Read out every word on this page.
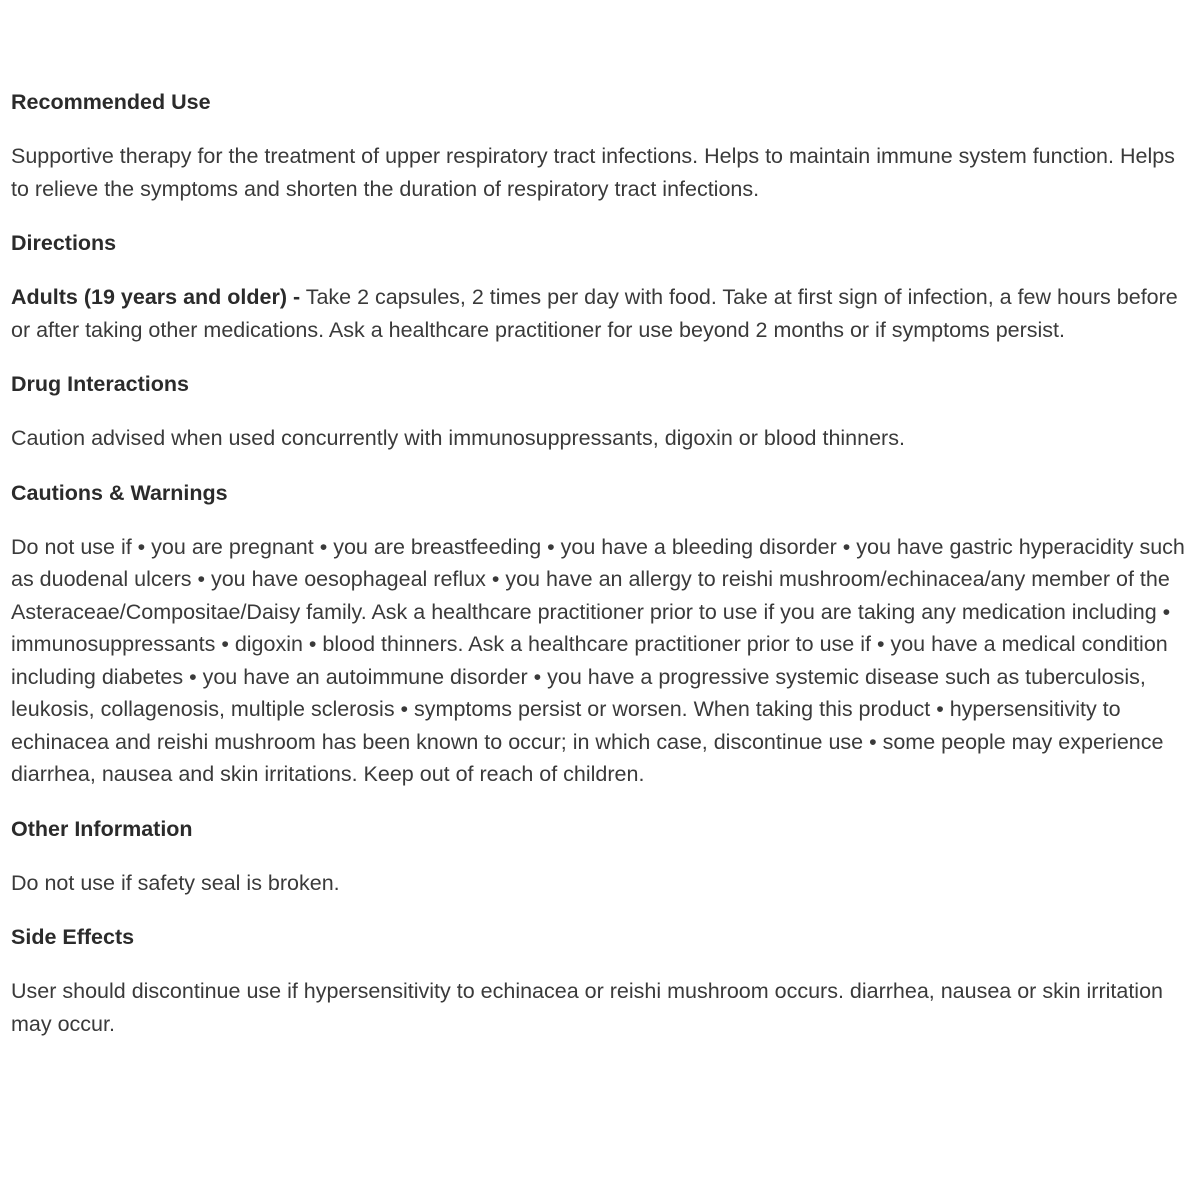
Recommended Use
Supportive therapy for the treatment of upper respiratory tract infections. Helps to maintain immune system function. Helps to relieve the symptoms and shorten the duration of respiratory tract infections.
Directions
Adults (19 years and older) - Take 2 capsules, 2 times per day with food. Take at first sign of infection, a few hours before or after taking other medications. Ask a healthcare practitioner for use beyond 2 months or if symptoms persist.
Drug Interactions
Caution advised when used concurrently with immunosuppressants, digoxin or blood thinners.
Cautions & Warnings
Do not use if • you are pregnant • you are breastfeeding • you have a bleeding disorder • you have gastric hyperacidity such as duodenal ulcers • you have oesophageal reflux • you have an allergy to reishi mushroom/echinacea/any member of the Asteraceae/Compositae/Daisy family. Ask a healthcare practitioner prior to use if you are taking any medication including • immunosuppressants • digoxin • blood thinners. Ask a healthcare practitioner prior to use if • you have a medical condition including diabetes • you have an autoimmune disorder • you have a progressive systemic disease such as tuberculosis, leukosis, collagenosis, multiple sclerosis • symptoms persist or worsen. When taking this product • hypersensitivity to echinacea and reishi mushroom has been known to occur; in which case, discontinue use • some people may experience diarrhea, nausea and skin irritations. Keep out of reach of children.
Other Information
Do not use if safety seal is broken.
Side Effects
User should discontinue use if hypersensitivity to echinacea or reishi mushroom occurs. diarrhea, nausea or skin irritation may occur.
